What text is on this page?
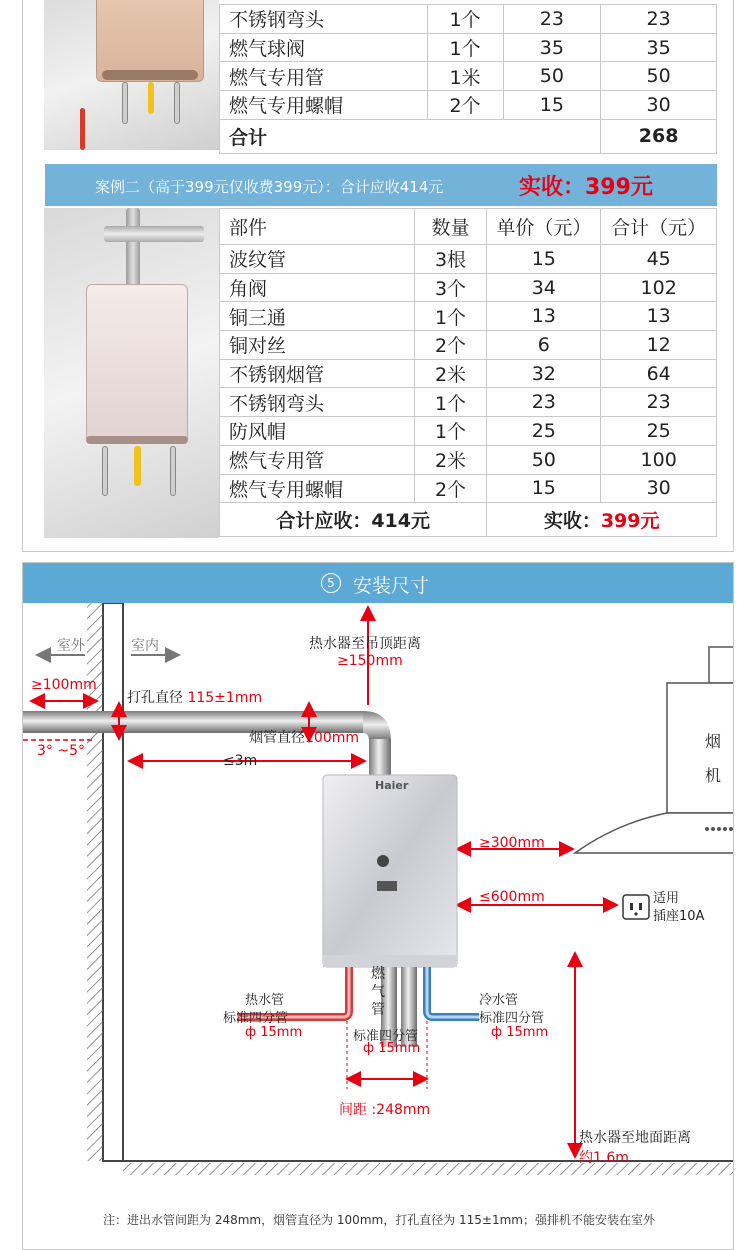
不锈钢弯头	1个	23	23
燃气球阀	1个	35	35
燃气专用管	1米	50	50
燃气专用螺帽	2个	15	30
合计			268
案例二（高于399元仅收费399元）：合计应收414元	实收：399元
部件	数量	单价（元）	合计（元）
波纹管	3根	15	45
角阀	3个	34	102
铜三通	1个	13	13
铜对丝	2个	6	12
不锈钢烟管	2米	32	64
不锈钢弯头	1个	23	23
防风帽	1个	25	25
燃气专用管	2米	50	100
燃气专用螺帽	2个	15	30
合计应收：414元		实收：399元	
5 安装尺寸
室外	室内	热水器至吊顶距离
≥150mm
≥100mm
打孔直径 115±1mm
烟管直径100mm
3° ~5°
≤3m
Haier
烟
机
≥300mm
≤600mm	适用
插座10A
热水管
标准四分管
ф 15mm
燃气管
标准四分管
ф 15mm
冷水管
标准四分管
ф 15mm
间距 :248mm
热水器至地面距离
约1.6m
注：进出水管间距为 248mm，烟管直径为 100mm，打孔直径为 115±1mm；强排机不能安装在室外
